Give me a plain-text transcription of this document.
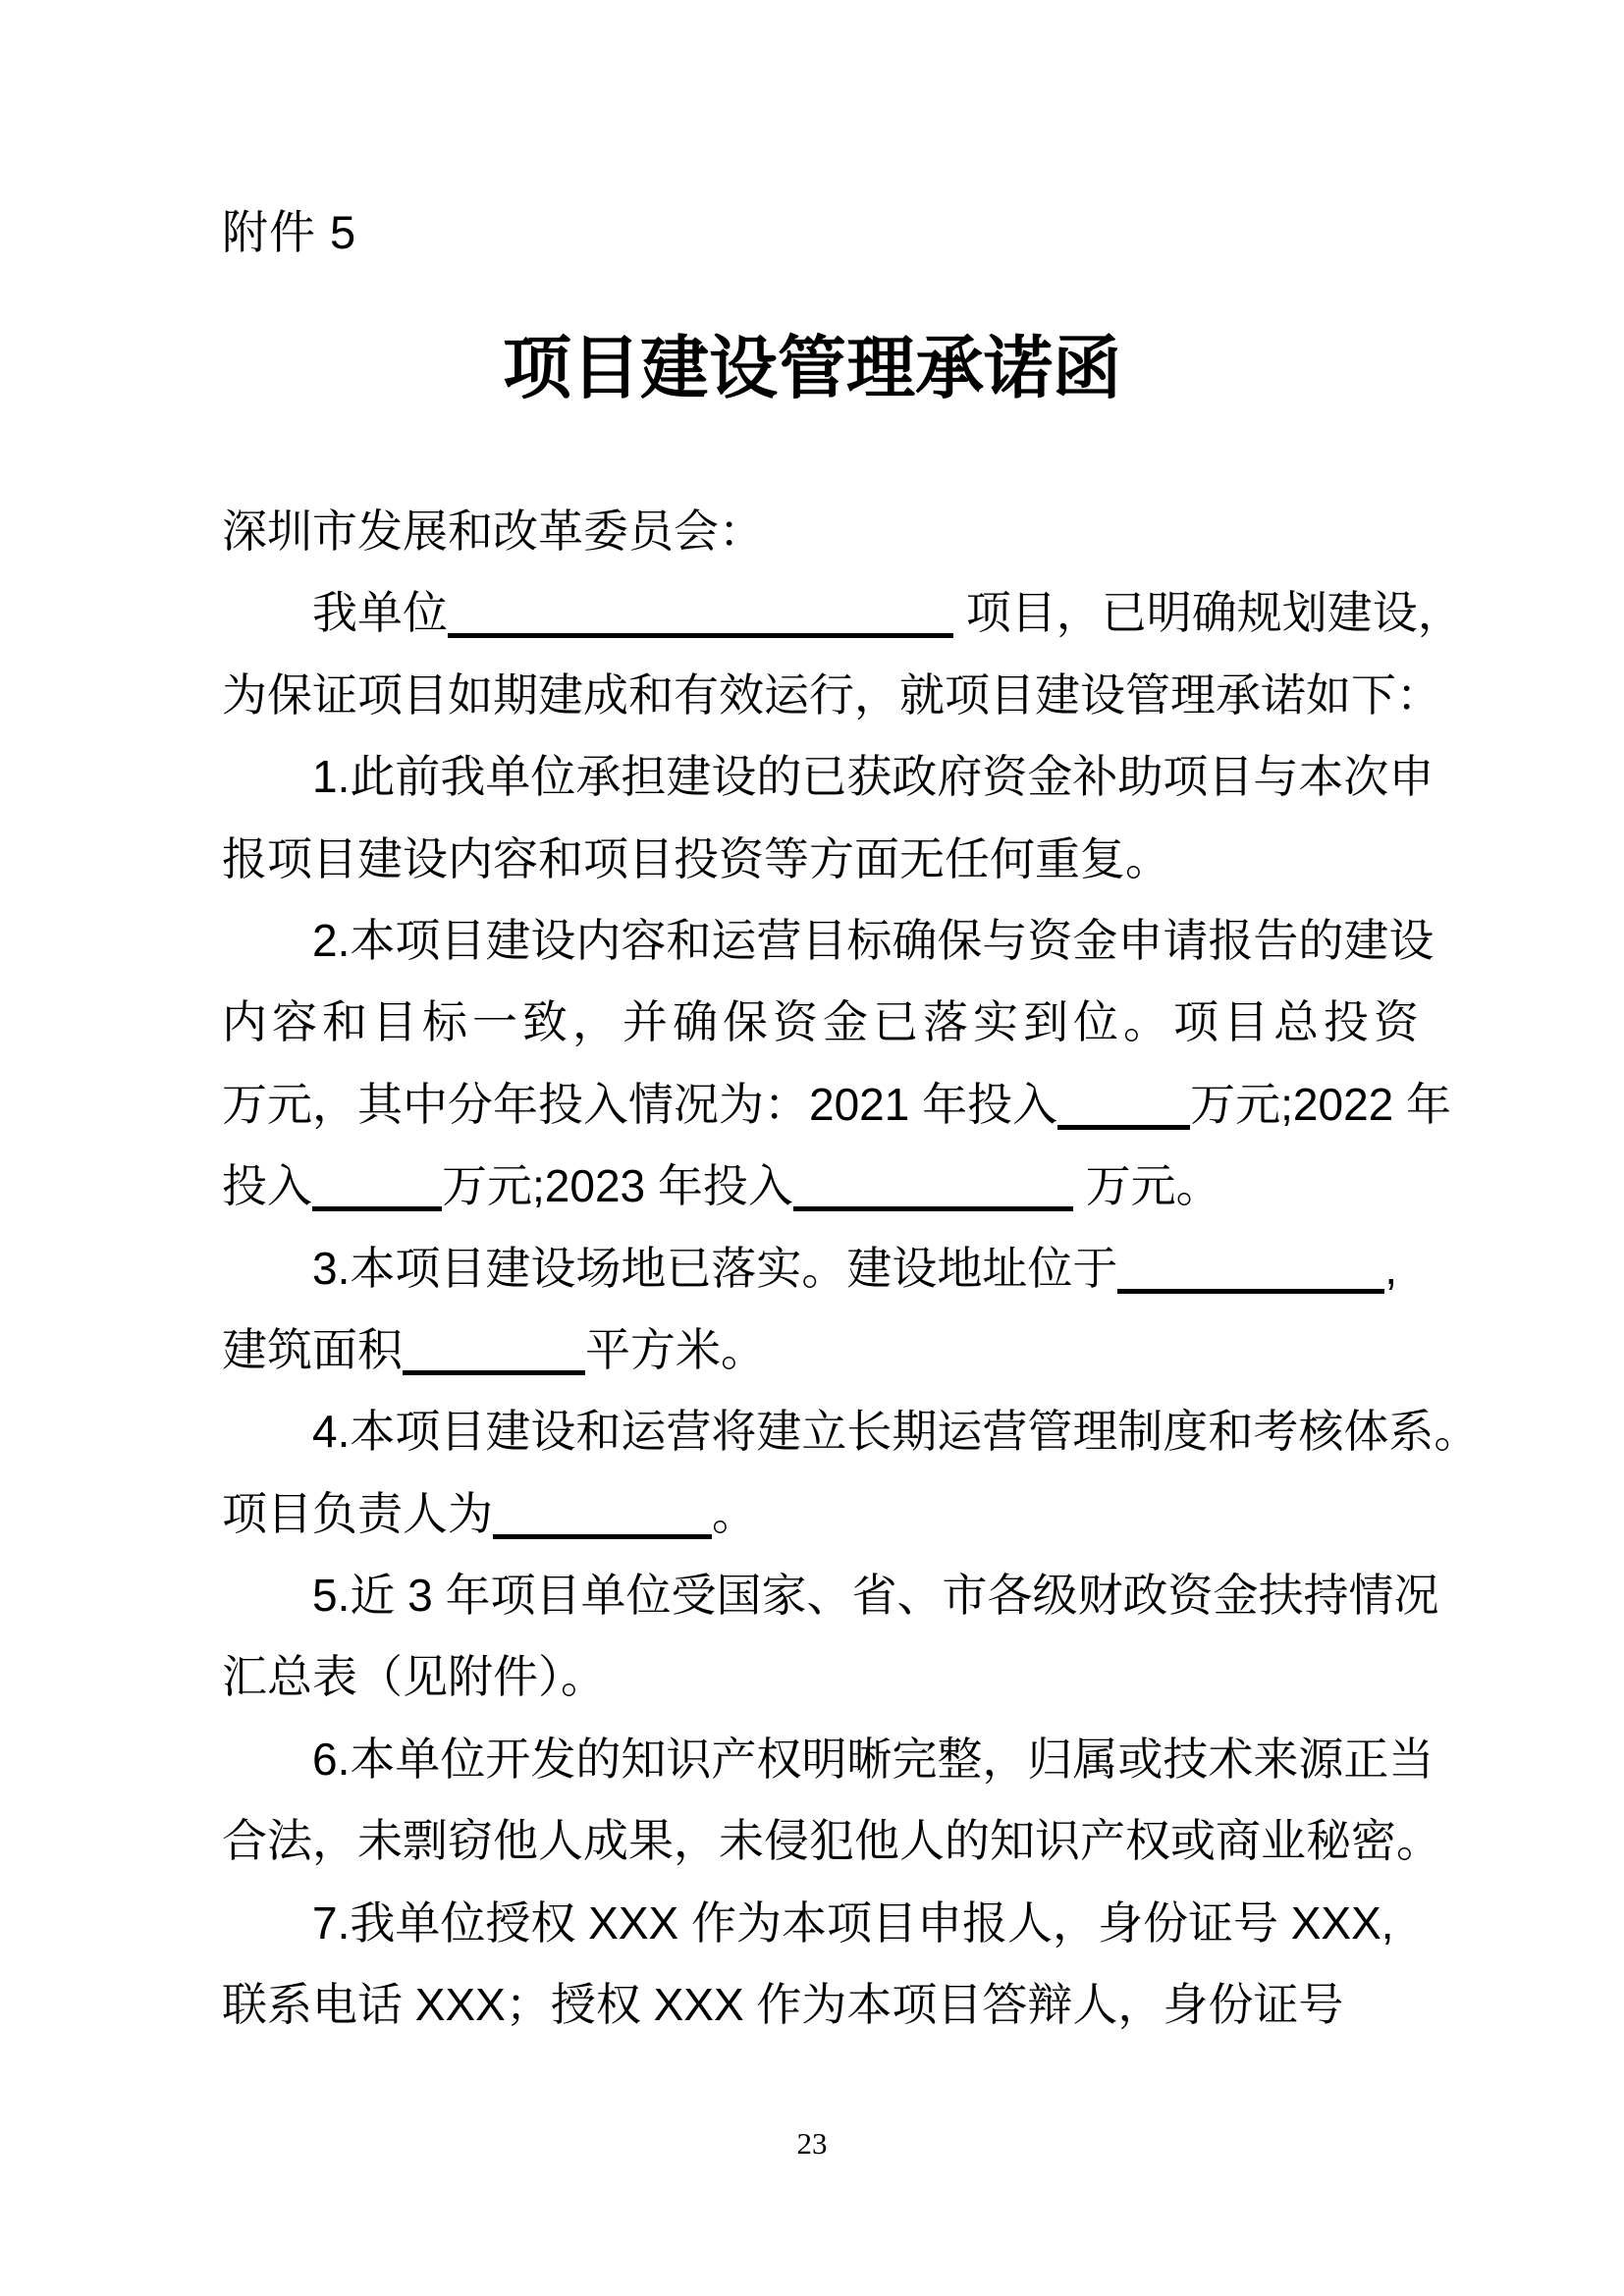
附件 5
项目建设管理承诺函
深圳市发展和改革委员会：
我单位	项目，已明确规划建设，
为保证项目如期建成和有效运行，就项目建设管理承诺如下：
1.此前我单位承担建设的已获政府资金补助项目与本次申
报项目建设内容和项目投资等方面无任何重复。
2.本项目建设内容和运营目标确保与资金申请报告的建设
内容和目标一致，并确保资金已落实到位。项目总投资
万元，其中分年投入情况为：2021 年投入	万元;2022 年
投入	万元;2023 年投入	万元。
3.本项目建设场地已落实。建设地址位于	,
建筑面积	平方米。
4.本项目建设和运营将建立长期运营管理制度和考核体系。
项目负责人为	。
5.近 3 年项目单位受国家、省、市各级财政资金扶持情况
汇总表（见附件）。
6.本单位开发的知识产权明晰完整，归属或技术来源正当
合法，未剽窃他人成果，未侵犯他人的知识产权或商业秘密。
7.我单位授权 XXX 作为本项目申报人，身份证号 XXX,
联系电话 XXX；授权 XXX 作为本项目答辩人，身份证号
23
